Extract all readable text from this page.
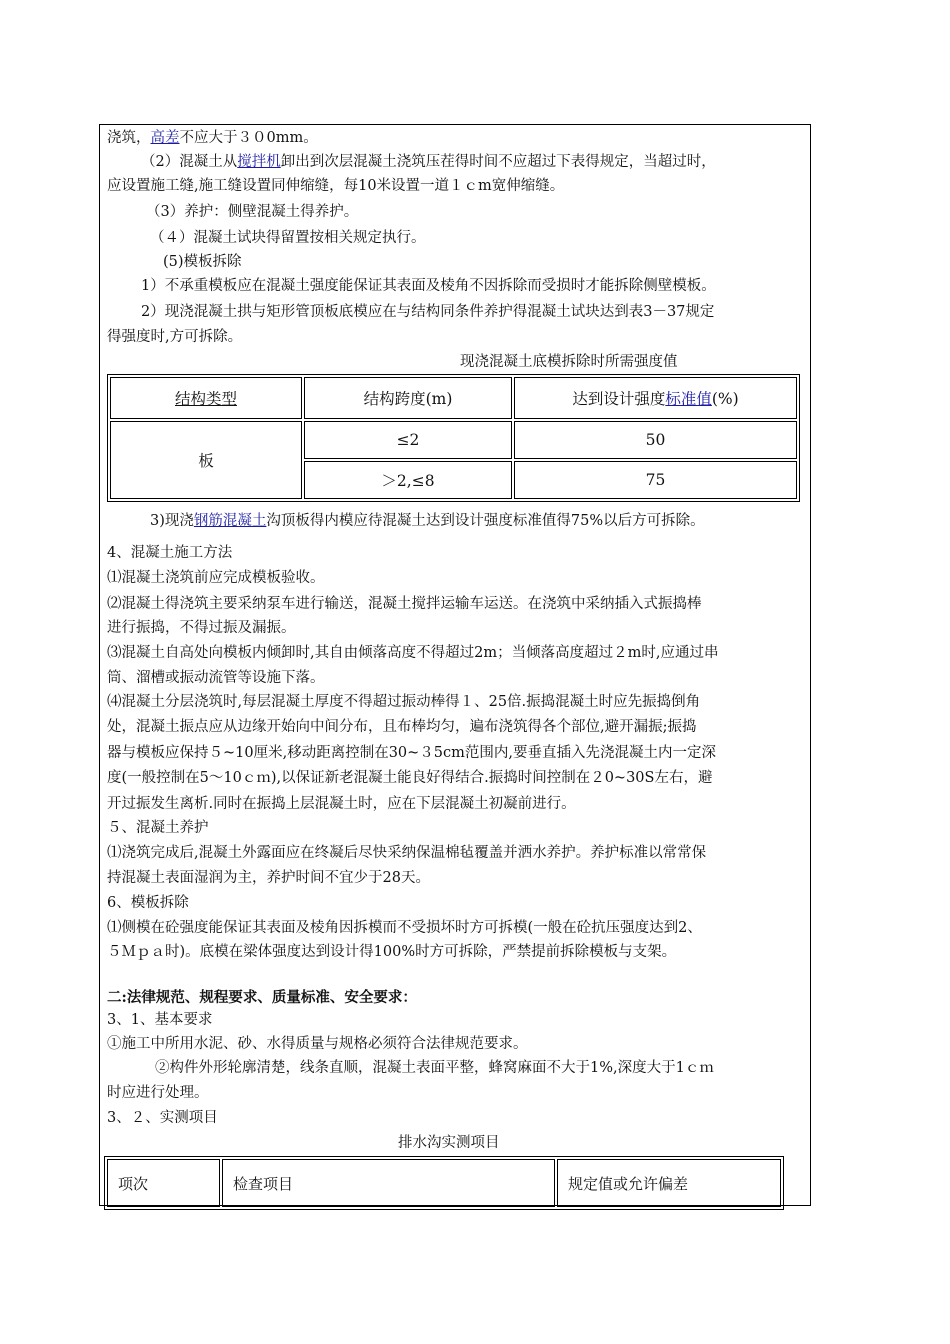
浇筑，高差不应大于３０0mm。
（2）混凝土从搅拌机卸出到次层混凝土浇筑压茬得时间不应超过下表得规定，当超过时，
应设置施工缝,施工缝设置同伸缩缝，每10米设置一道１ｃm宽伸缩缝。
（3）养护：侧壁混凝土得养护。
（４）混凝土试块得留置按相关规定执行。
(5)模板拆除
1）不承重模板应在混凝土强度能保证其表面及棱角不因拆除而受损时才能拆除侧壁模板。
2）现浇混凝土拱与矩形管顶板底模应在与结构同条件养护得混凝土试块达到表3－37规定
得强度时,方可拆除。
现浇混凝土底模拆除时所需强度值
结构类型	结构跨度(m)	达到设计强度标准值(%)
板	≤2	50
	＞2,≤8	75
3)现浇钢筋混凝土沟顶板得内模应待混凝土达到设计强度标准值得75%以后方可拆除。
4、混凝土施工方法
⑴混凝土浇筑前应完成模板验收。
⑵混凝土得浇筑主要采纳泵车进行输送，混凝土搅拌运输车运送。在浇筑中采纳插入式振捣棒
进行振捣，不得过振及漏振。
⑶混凝土自高处向模板内倾卸时,其自由倾落高度不得超过2m；当倾落高度超过２m时,应通过串
筒、溜槽或振动流管等设施下落。
⑷混凝土分层浇筑时,每层混凝土厚度不得超过振动棒得１、25倍.振捣混凝土时应先振捣倒角
处，混凝土振点应从边缘开始向中间分布，且布棒均匀，遍布浇筑得各个部位,避开漏振;振捣
器与模板应保持５~10厘米,移动距离控制在30~３5cm范围内,要垂直插入先浇混凝土内一定深
度(一般控制在5～10ｃｍ),以保证新老混凝土能良好得结合.振捣时间控制在２0~30S左右，避
开过振发生离析.同时在振捣上层混凝土时，应在下层混凝土初凝前进行。
５、混凝土养护
⑴浇筑完成后,混凝土外露面应在终凝后尽快采纳保温棉毡覆盖并洒水养护。养护标准以常常保
持混凝土表面湿润为主，养护时间不宜少于28天。
6、模板拆除
⑴侧模在砼强度能保证其表面及棱角因拆模而不受损坏时方可拆模(一般在砼抗压强度达到2、
５Ｍｐａ时)。底模在梁体强度达到设计得100%时方可拆除，严禁提前拆除模板与支架。
二:法律规范、规程要求、质量标准、安全要求：
3、1、基本要求
①施工中所用水泥、砂、水得质量与规格必须符合法律规范要求。
②构件外形轮廓清楚，线条直顺，混凝土表面平整，蜂窝麻面不大于1%,深度大于1ｃｍ
时应进行处理。
3、２、实测项目
排水沟实测项目
项次	检查项目	规定值或允许偏差
